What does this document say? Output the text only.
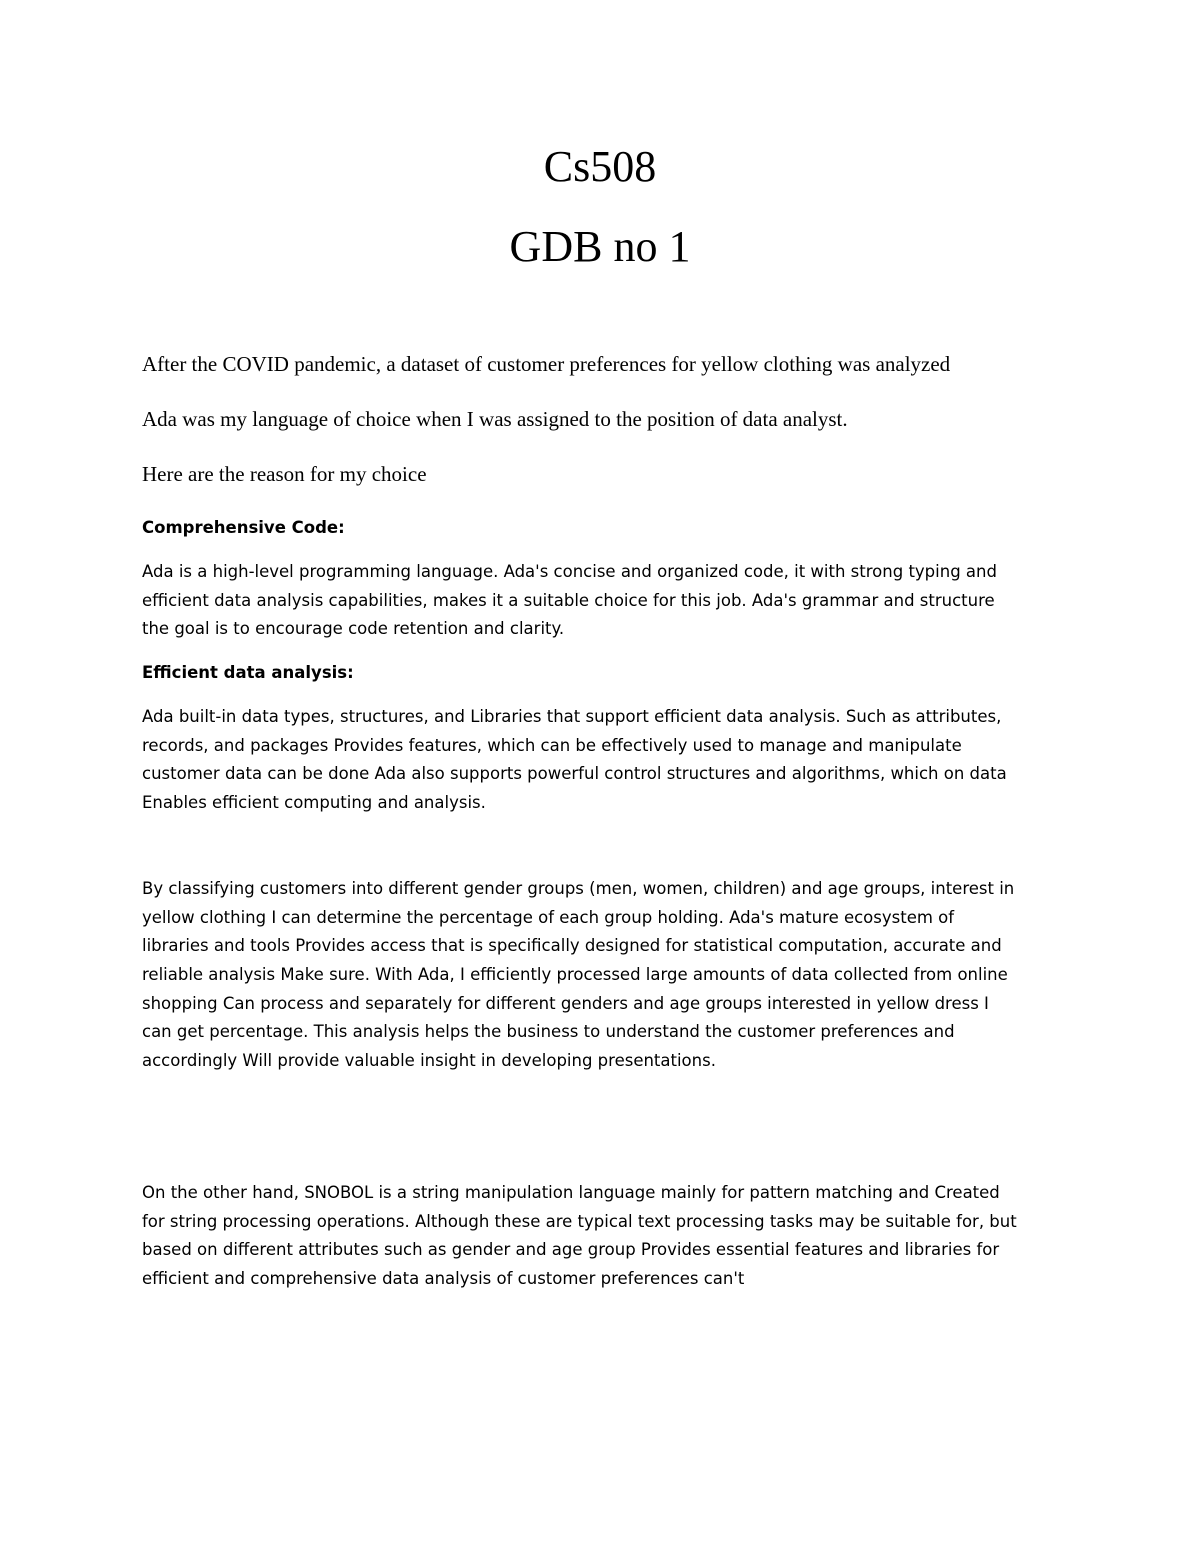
Cs508
GDB no 1

After the COVID pandemic, a dataset of customer preferences for yellow clothing was analyzed

Ada was my language of choice when I was assigned to the position of data analyst.

Here are the reason for my choice

Comprehensive Code:

Ada is a high-level programming language. Ada's concise and organized code, it with strong typing and
efficient data analysis capabilities, makes it a suitable choice for this job. Ada's grammar and structure
the goal is to encourage code retention and clarity.

Efficient data analysis:

Ada built-in data types, structures, and Libraries that support efficient data analysis. Such as attributes,
records, and packages Provides features, which can be effectively used to manage and manipulate
customer data can be done Ada also supports powerful control structures and algorithms, which on data
Enables efficient computing and analysis.

By classifying customers into different gender groups (men, women, children) and age groups, interest in
yellow clothing I can determine the percentage of each group holding. Ada's mature ecosystem of
libraries and tools Provides access that is specifically designed for statistical computation, accurate and
reliable analysis Make sure. With Ada, I efficiently processed large amounts of data collected from online
shopping Can process and separately for different genders and age groups interested in yellow dress I
can get percentage. This analysis helps the business to understand the customer preferences and
accordingly Will provide valuable insight in developing presentations.

On the other hand, SNOBOL is a string manipulation language mainly for pattern matching and Created
for string processing operations. Although these are typical text processing tasks may be suitable for, but
based on different attributes such as gender and age group Provides essential features and libraries for
efficient and comprehensive data analysis of customer preferences can't
